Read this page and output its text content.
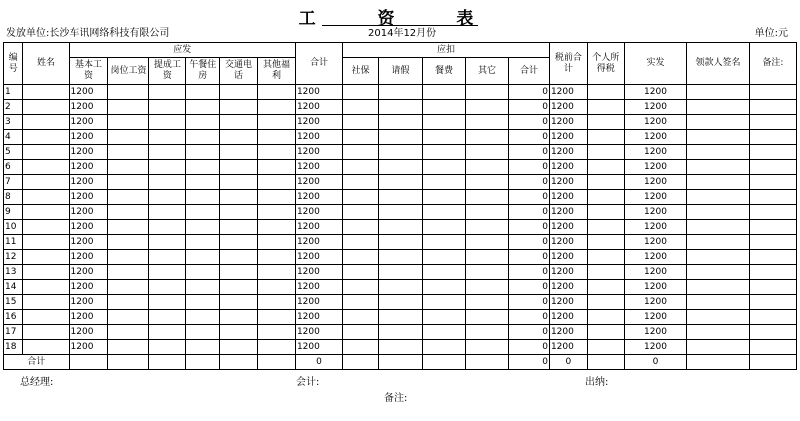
工 资 表
发放单位:长沙车讯网络科技有限公司	2014年12月份	单位:元
编号	姓名	应发						合计	应扣					税前合计	个人所得税	实发	领款人签名	备注:
		基本工资	岗位工资	提成工资	午餐住房	交通电话	其他福利		社保	请假	餐费	其它	合计					
1		1200						1200					0	1200		1200		
2		1200						1200					0	1200		1200		
3		1200						1200					0	1200		1200		
4		1200						1200					0	1200		1200		
5		1200						1200					0	1200		1200		
6		1200						1200					0	1200		1200		
7		1200						1200					0	1200		1200		
8		1200						1200					0	1200		1200		
9		1200						1200					0	1200		1200		
10		1200						1200					0	1200		1200		
11		1200						1200					0	1200		1200		
12		1200						1200					0	1200		1200		
13		1200						1200					0	1200		1200		
14		1200						1200					0	1200		1200		
15		1200						1200					0	1200		1200		
16		1200						1200					0	1200		1200		
17		1200						1200					0	1200		1200		
18		1200						1200					0	1200		1200		
合计								0					0	0		0		
总经理:	会计:	出纳:
备注:
